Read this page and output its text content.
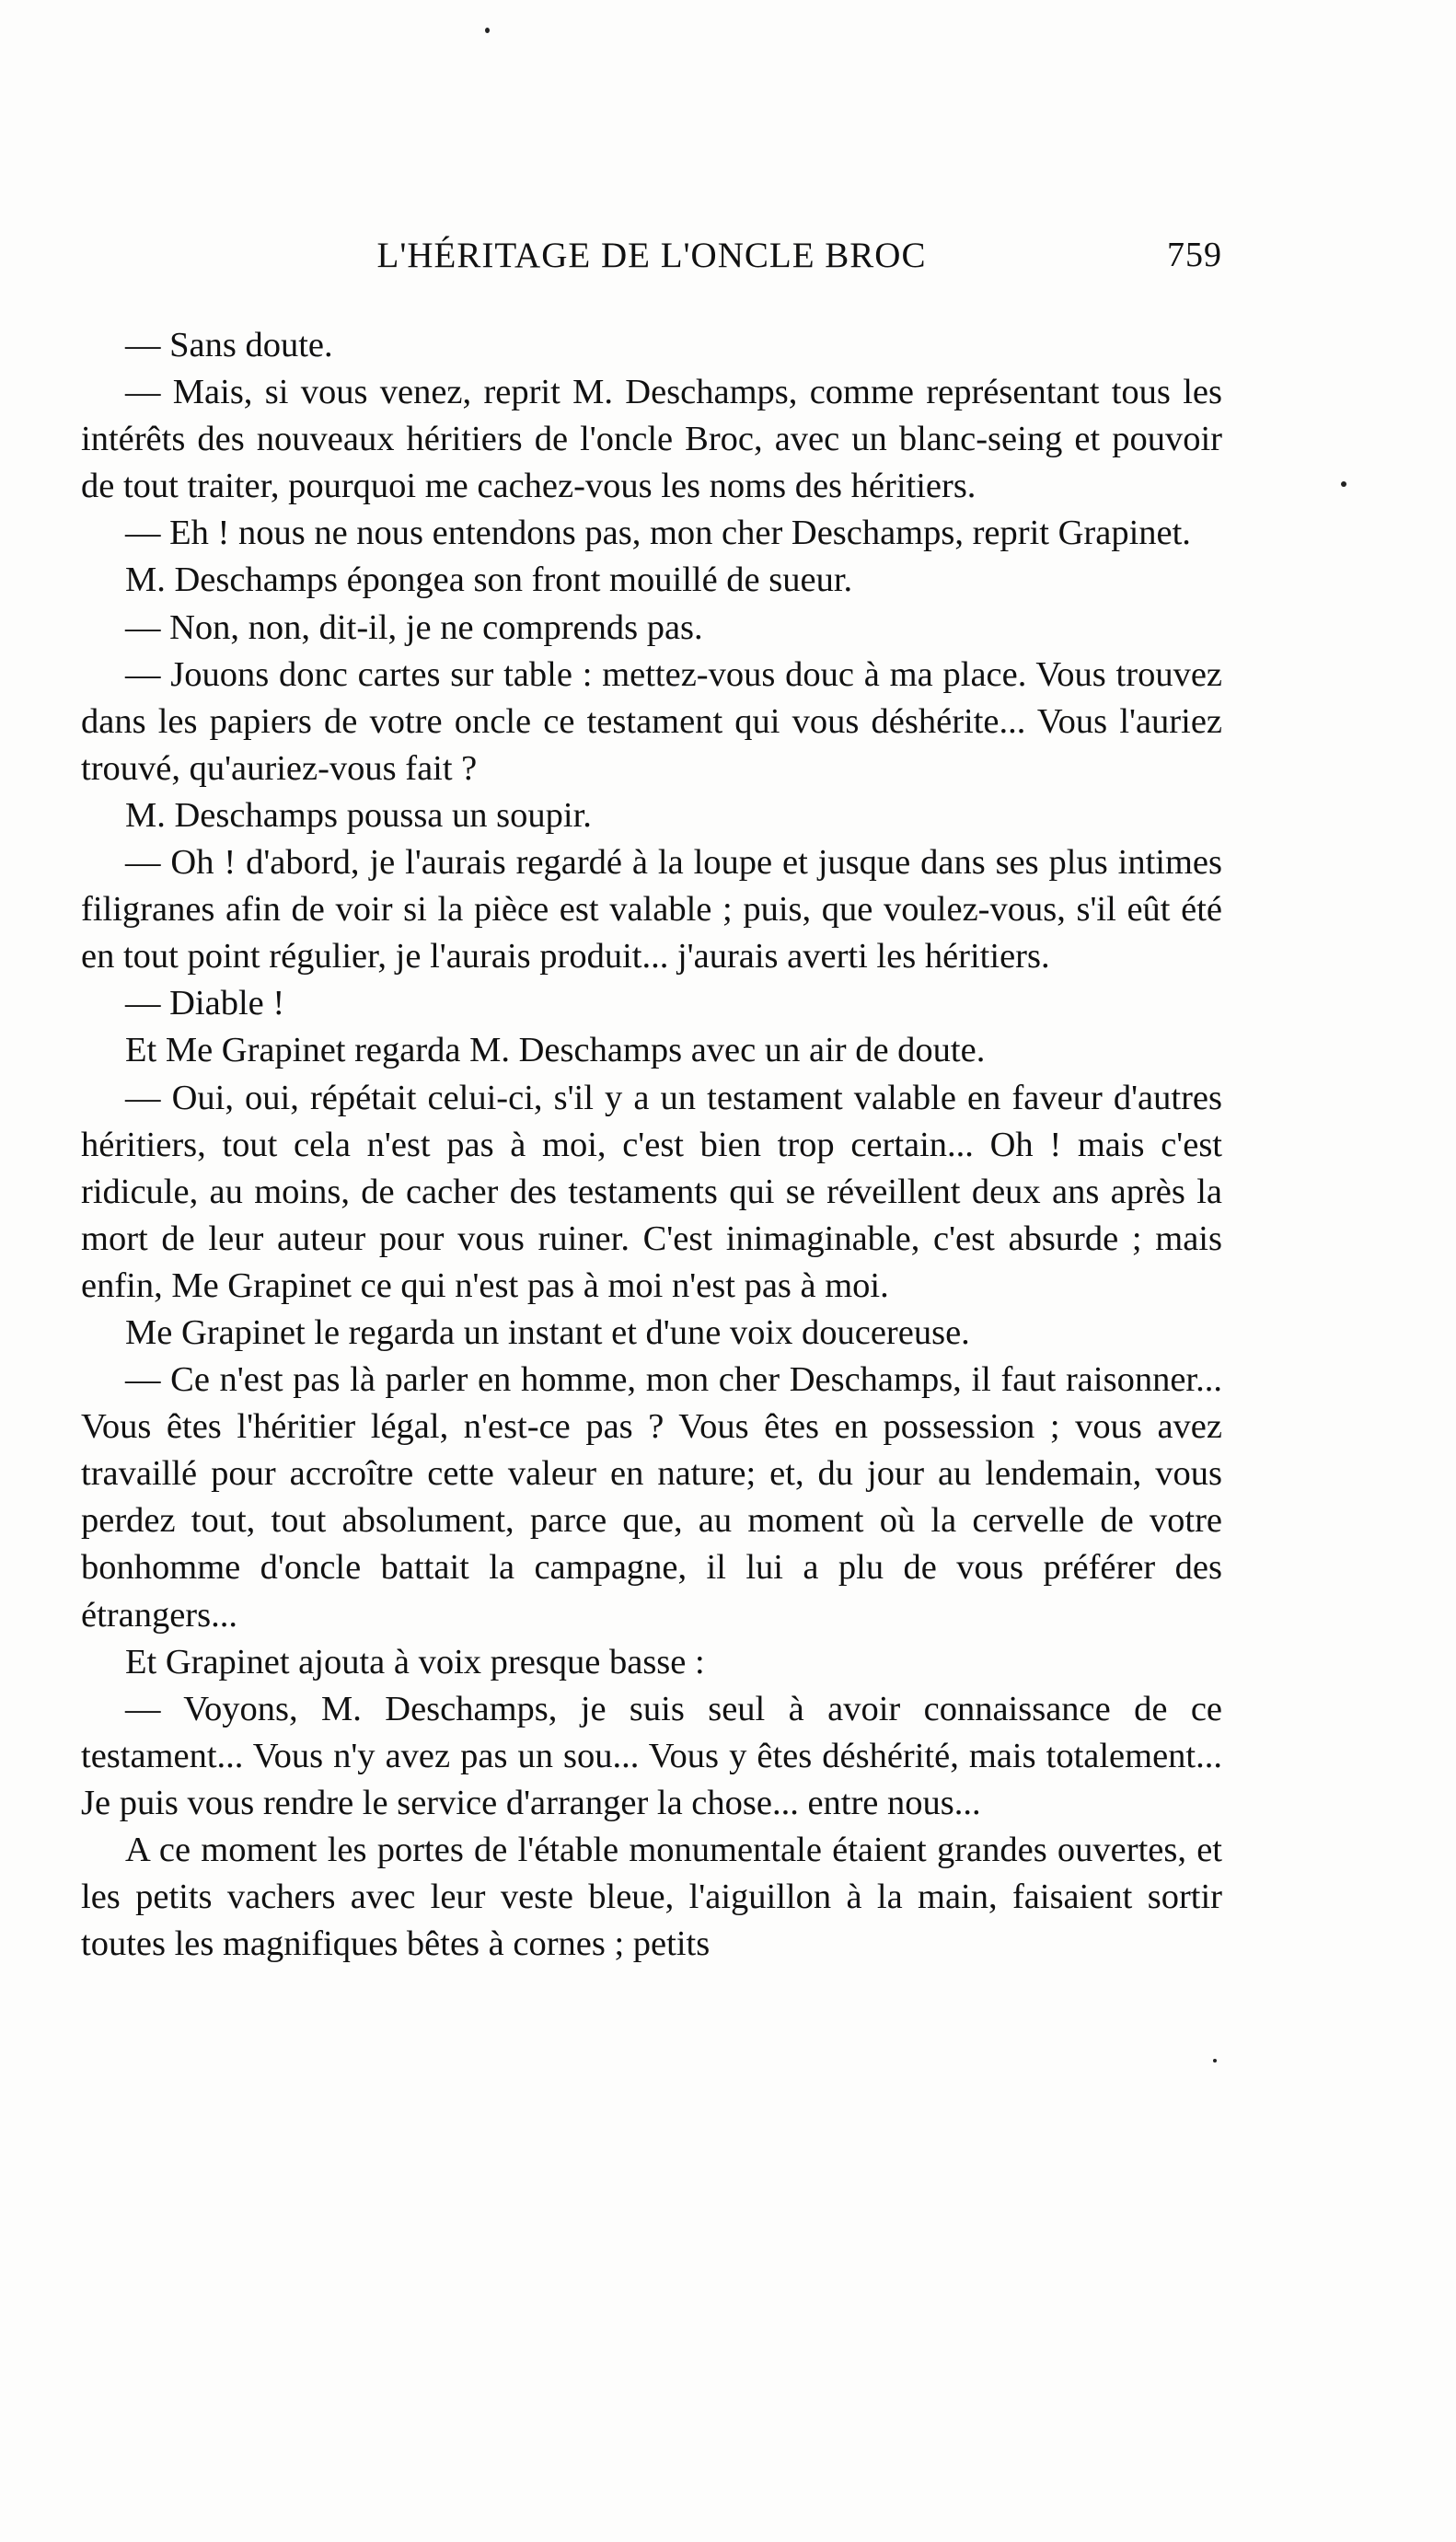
L'HÉRITAGE DE L'ONCLE BROC	759

— Sans doute.

— Mais, si vous venez, reprit M. Deschamps, comme représentant tous les intérêts des nouveaux héritiers de l'oncle Broc, avec un blanc-seing et pouvoir de tout traiter, pourquoi me cachez-vous les noms des héritiers.

— Eh ! nous ne nous entendons pas, mon cher Deschamps, reprit Grapinet.

M. Deschamps épongea son front mouillé de sueur.

— Non, non, dit-il, je ne comprends pas.

— Jouons donc cartes sur table : mettez-vous douc à ma place. Vous trouvez dans les papiers de votre oncle ce testament qui vous déshérite... Vous l'auriez trouvé, qu'auriez-vous fait ?

M. Deschamps poussa un soupir.

— Oh ! d'abord, je l'aurais regardé à la loupe et jusque dans ses plus intimes filigranes afin de voir si la pièce est valable ; puis, que voulez-vous, s'il eût été en tout point régulier, je l'aurais produit... j'aurais averti les héritiers.

— Diable !

Et Me Grapinet regarda M. Deschamps avec un air de doute.

— Oui, oui, répétait celui-ci, s'il y a un testament valable en faveur d'autres héritiers, tout cela n'est pas à moi, c'est bien trop certain... Oh ! mais c'est ridicule, au moins, de cacher des testaments qui se réveillent deux ans après la mort de leur auteur pour vous ruiner. C'est inimaginable, c'est absurde ; mais enfin, Me Grapinet ce qui n'est pas à moi n'est pas à moi.

Me Grapinet le regarda un instant et d'une voix doucereuse.

— Ce n'est pas là parler en homme, mon cher Deschamps, il faut raisonner... Vous êtes l'héritier légal, n'est-ce pas ? Vous êtes en possession ; vous avez travaillé pour accroître cette valeur en nature; et, du jour au lendemain, vous perdez tout, tout absolument, parce que, au moment où la cervelle de votre bonhomme d'oncle battait la campagne, il lui a plu de vous préférer des étrangers...

Et Grapinet ajouta à voix presque basse :

— Voyons, M. Deschamps, je suis seul à avoir connaissance de ce testament... Vous n'y avez pas un sou... Vous y êtes déshérité, mais totalement... Je puis vous rendre le service d'arranger la chose... entre nous...

A ce moment les portes de l'étable monumentale étaient grandes ouvertes, et les petits vachers avec leur veste bleue, l'aiguillon à la main, faisaient sortir toutes les magnifiques bêtes à cornes ; petits
